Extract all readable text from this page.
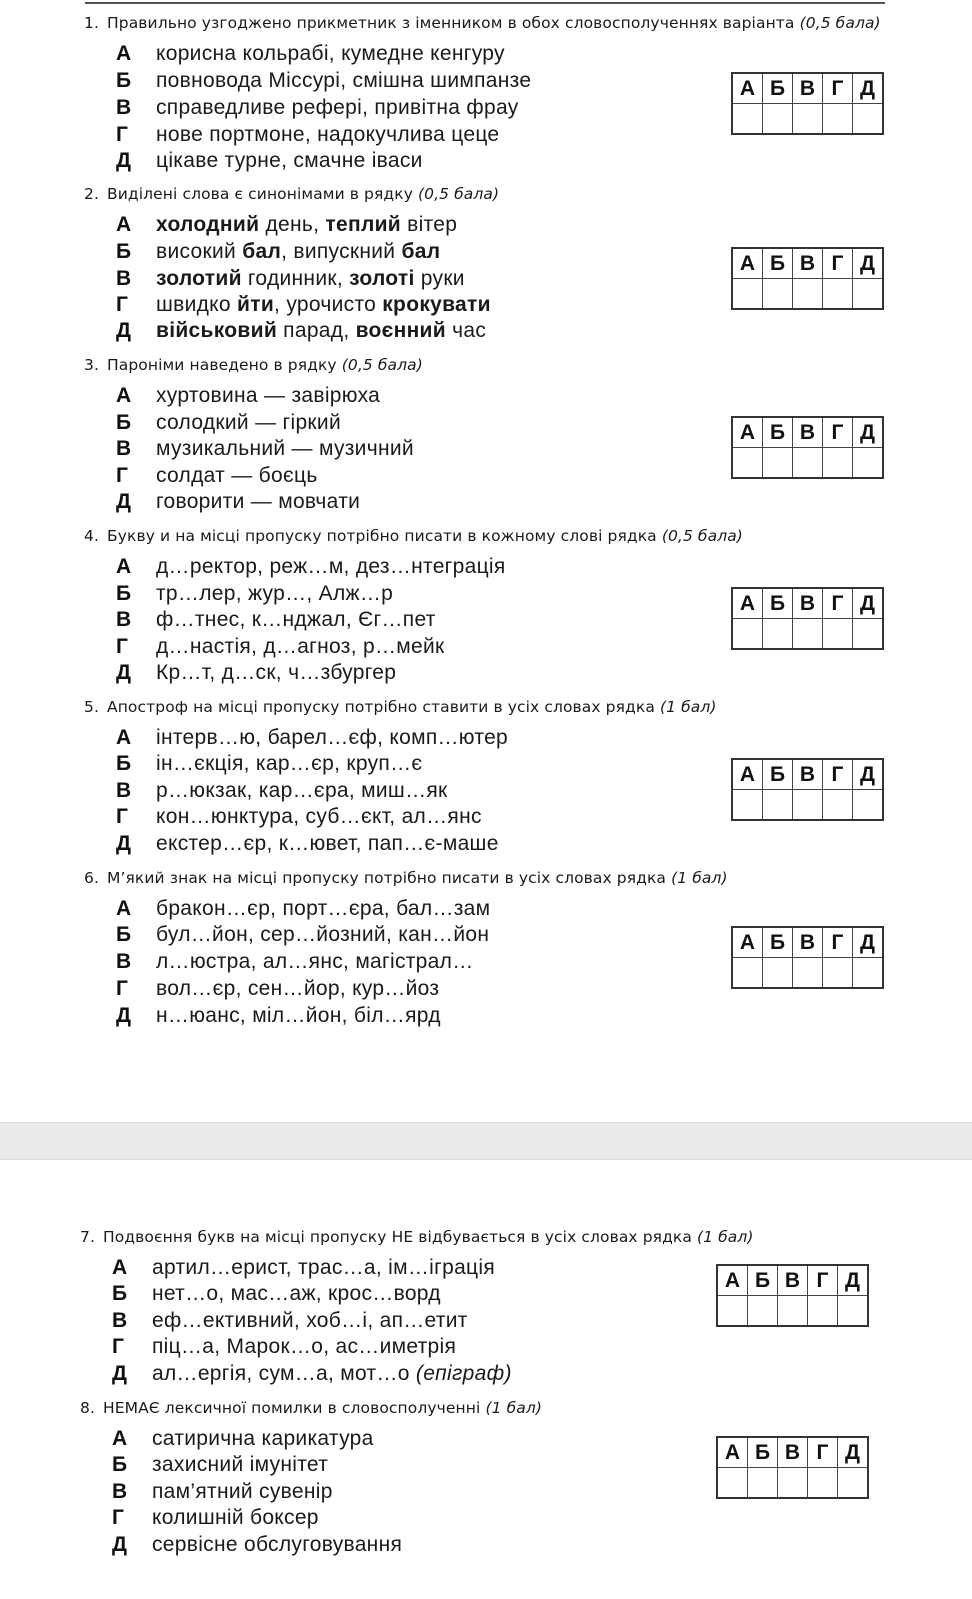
1. Правильно узгоджено прикметник з іменником в обох словосполученнях варіанта (0,5 бала)
А корисна кольрабі, кумедне кенгуру
Б повновода Міссурі, смішна шимпанзе
В справедливе рефері, привітна фрау
Г нове портмоне, надокучлива цеце
Д цікаве турне, смачне іваси
А	Б	В	Г	Д

2. Виділені слова є синонімами в рядку (0,5 бала)
А холодний день, теплий вітер
Б високий бал, випускний бал
В золотий годинник, золоті руки
Г швидко йти, урочисто крокувати
Д військовий парад, воєнний час
А	Б	В	Г	Д

3. Пароніми наведено в рядку (0,5 бала)
А хуртовина — завірюха
Б солодкий — гіркий
В музикальний — музичний
Г солдат — боєць
Д говорити — мовчати
А	Б	В	Г	Д

4. Букву и на місці пропуску потрібно писати в кожному слові рядка (0,5 бала)
А д…ректор, реж…м, дез…нтеграція
Б тр…лер, жур…, Алж…р
В ф…тнес, к…нджал, Єг…пет
Г д…настія, д…агноз, р…мейк
Д Кр…т, д…ск, ч…збургер
А	Б	В	Г	Д

5. Апостроф на місці пропуску потрібно ставити в усіх словах рядка (1 бал)
А інтерв…ю, барел…єф, комп…ютер
Б ін…єкція, кар…єр, круп…є
В р…юкзак, кар…єра, миш…як
Г кон…юнктура, суб…єкт, ал…янс
Д екстер…єр, к…ювет, пап…є-маше
А	Б	В	Г	Д

6. М’який знак на місці пропуску потрібно писати в усіх словах рядка (1 бал)
А бракон…єр, порт…єра, бал…зам
Б бул…йон, сер…йозний, кан…йон
В л…юстра, ал…янс, магістрал…
Г вол…єр, сен…йор, кур…йоз
Д н…юанс, міл…йон, біл…ярд
А	Б	В	Г	Д

7. Подвоєння букв на місці пропуску НЕ відбувається в усіх словах рядка (1 бал)
А артил…ерист, трас…а, ім…іграція
Б нет…о, мас…аж, крос…ворд
В еф…ективний, хоб…і, ап…етит
Г піц…а, Марок…о, ас…иметрія
Д ал…ергія, сум…а, мот…о (епіграф)
А	Б	В	Г	Д

8. НЕМАЄ лексичної помилки в словосполученні (1 бал)
А сатирична карикатура
Б захисний імунітет
В пам’ятний сувенір
Г колишній боксер
Д сервісне обслуговування
А	Б	В	Г	Д
